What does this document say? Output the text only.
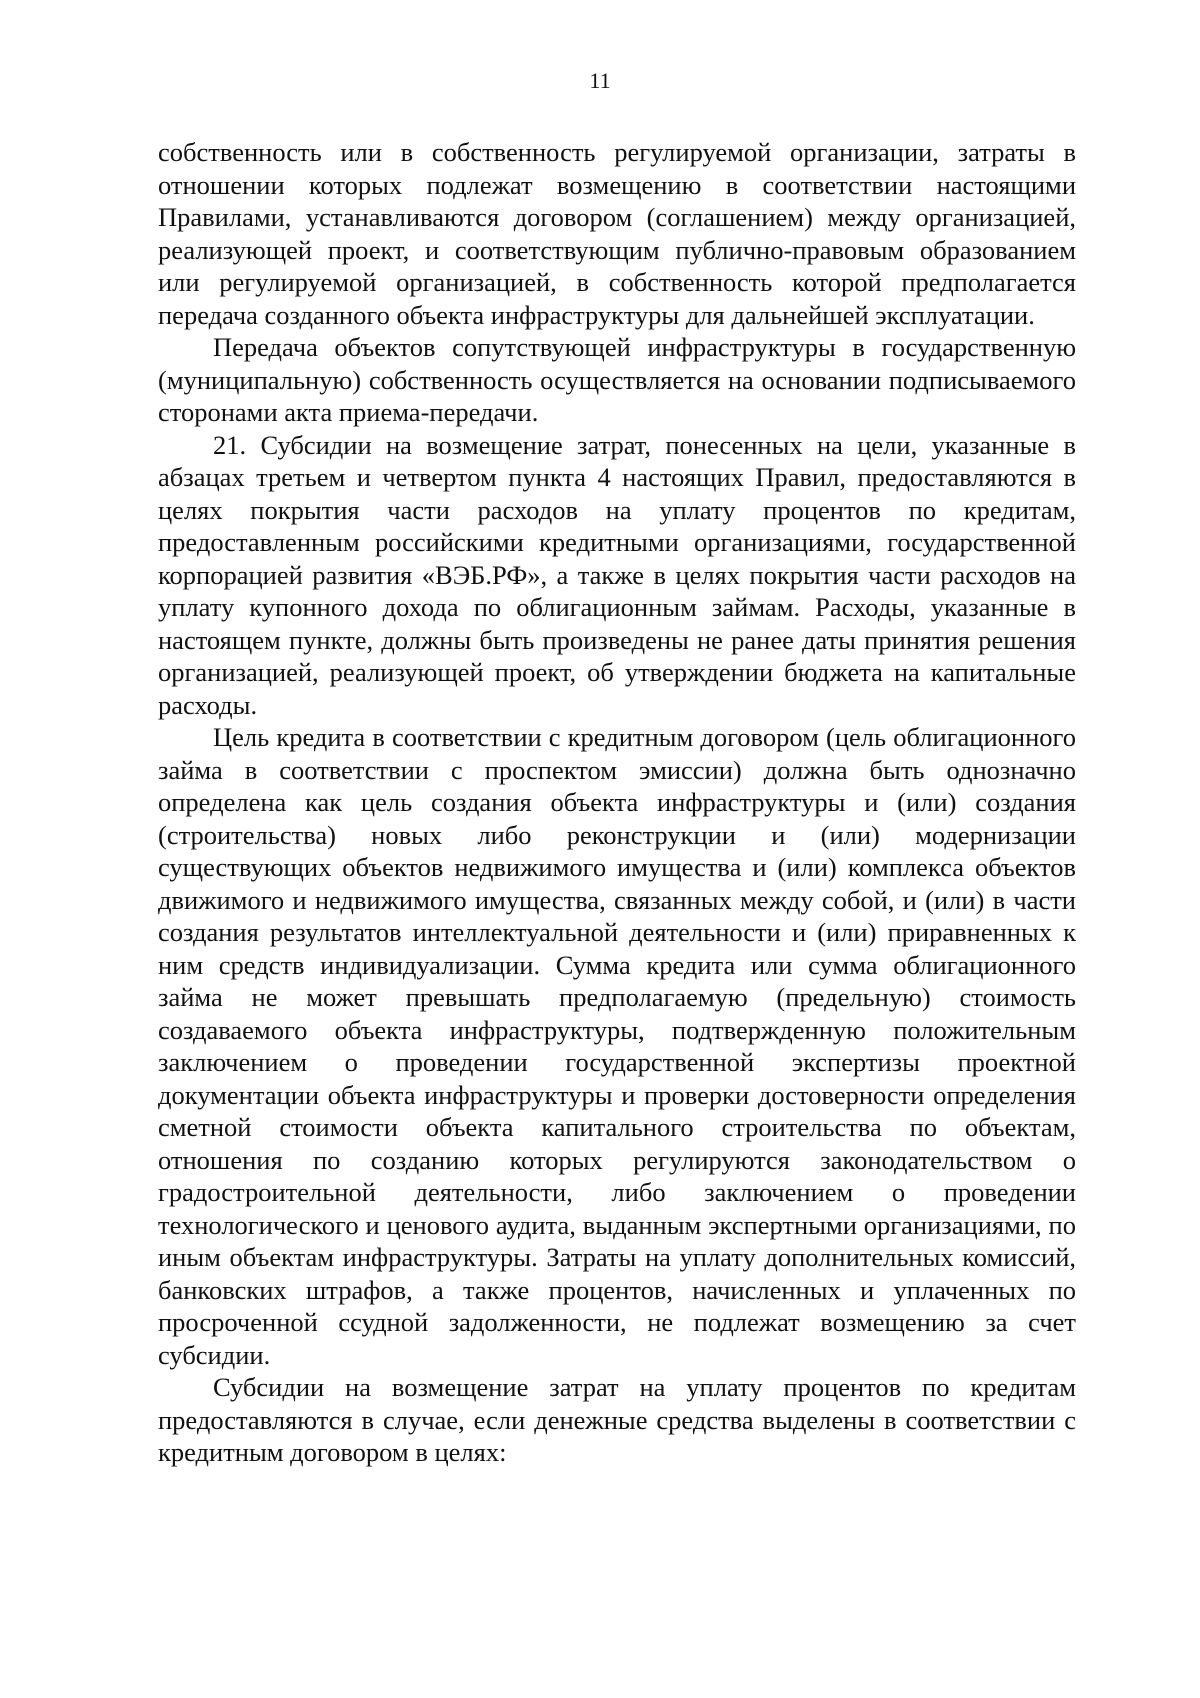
11

собственность или в собственность регулируемой организации, затраты в отношении которых подлежат возмещению в соответствии настоящими Правилами, устанавливаются договором (соглашением) между организацией, реализующей проект, и соответствующим публично-правовым образованием или регулируемой организацией, в собственность которой предполагается передача созданного объекта инфраструктуры для дальнейшей эксплуатации.

Передача объектов сопутствующей инфраструктуры в государственную (муниципальную) собственность осуществляется на основании подписываемого сторонами акта приема-передачи.

21. Субсидии на возмещение затрат, понесенных на цели, указанные в абзацах третьем и четвертом пункта 4 настоящих Правил, предоставляются в целях покрытия части расходов на уплату процентов по кредитам, предоставленным российскими кредитными организациями, государственной корпорацией развития «ВЭБ.РФ», а также в целях покрытия части расходов на уплату купонного дохода по облигационным займам. Расходы, указанные в настоящем пункте, должны быть произведены не ранее даты принятия решения организацией, реализующей проект, об утверждении бюджета на капитальные расходы.

Цель кредита в соответствии с кредитным договором (цель облигационного займа в соответствии с проспектом эмиссии) должна быть однозначно определена как цель создания объекта инфраструктуры и (или) создания (строительства) новых либо реконструкции и (или) модернизации существующих объектов недвижимого имущества и (или) комплекса объектов движимого и недвижимого имущества, связанных между собой, и (или) в части создания результатов интеллектуальной деятельности и (или) приравненных к ним средств индивидуализации. Сумма кредита или сумма облигационного займа не может превышать предполагаемую (предельную) стоимость создаваемого объекта инфраструктуры, подтвержденную положительным заключением о проведении государственной экспертизы проектной документации объекта инфраструктуры и проверки достоверности определения сметной стоимости объекта капитального строительства по объектам, отношения по созданию которых регулируются законодательством о градостроительной деятельности, либо заключением о проведении технологического и ценового аудита, выданным экспертными организациями, по иным объектам инфраструктуры. Затраты на уплату дополнительных комиссий, банковских штрафов, а также процентов, начисленных и уплаченных по просроченной ссудной задолженности, не подлежат возмещению за счет субсидии.

Субсидии на возмещение затрат на уплату процентов по кредитам предоставляются в случае, если денежные средства выделены в соответствии с кредитным договором в целях:
